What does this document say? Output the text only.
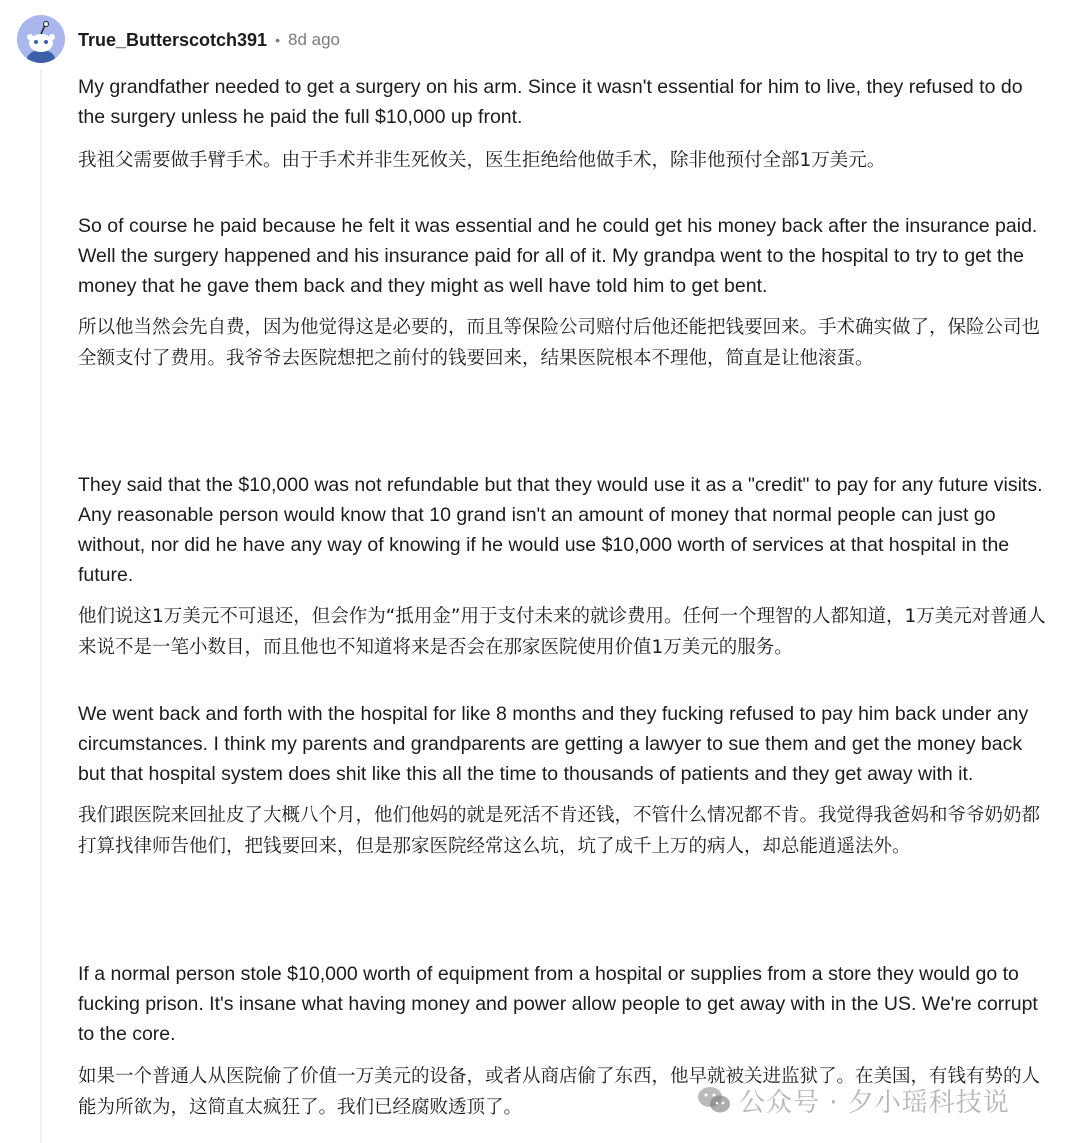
True_Butterscotch391 • 8d ago

My grandfather needed to get a surgery on his arm. Since it wasn't essential for him to live, they refused to do the surgery unless he paid the full $10,000 up front.

我祖父需要做手臂手术。由于手术并非生死攸关，医生拒绝给他做手术，除非他预付全部1万美元。

So of course he paid because he felt it was essential and he could get his money back after the insurance paid. Well the surgery happened and his insurance paid for all of it. My grandpa went to the hospital to try to get the money that he gave them back and they might as well have told him to get bent.

所以他当然会先自费，因为他觉得这是必要的，而且等保险公司赔付后他还能把钱要回来。手术确实做了，保险公司也全额支付了费用。我爷爷去医院想把之前付的钱要回来，结果医院根本不理他，简直是让他滚蛋。

They said that the $10,000 was not refundable but that they would use it as a "credit" to pay for any future visits. Any reasonable person would know that 10 grand isn't an amount of money that normal people can just go without, nor did he have any way of knowing if he would use $10,000 worth of services at that hospital in the future.

他们说这1万美元不可退还，但会作为“抵用金”用于支付未来的就诊费用。任何一个理智的人都知道，1万美元对普通人来说不是一笔小数目，而且他也不知道将来是否会在那家医院使用价值1万美元的服务。

We went back and forth with the hospital for like 8 months and they fucking refused to pay him back under any circumstances. I think my parents and grandparents are getting a lawyer to sue them and get the money back but that hospital system does shit like this all the time to thousands of patients and they get away with it.

我们跟医院来回扯皮了大概八个月，他们他妈的就是死活不肯还钱，不管什么情况都不肯。我觉得我爸妈和爷爷奶奶都打算找律师告他们，把钱要回来，但是那家医院经常这么坑，坑了成千上万的病人，却总能逍遥法外。

If a normal person stole $10,000 worth of equipment from a hospital or supplies from a store they would go to fucking prison. It's insane what having money and power allow people to get away with in the US. We're corrupt to the core.

如果一个普通人从医院偷了价值一万美元的设备，或者从商店偷了东西，他早就被关进监狱了。在美国，有钱有势的人能为所欲为，这简直太疯狂了。我们已经腐败透顶了。	公众号 · 夕小瑶科技说
